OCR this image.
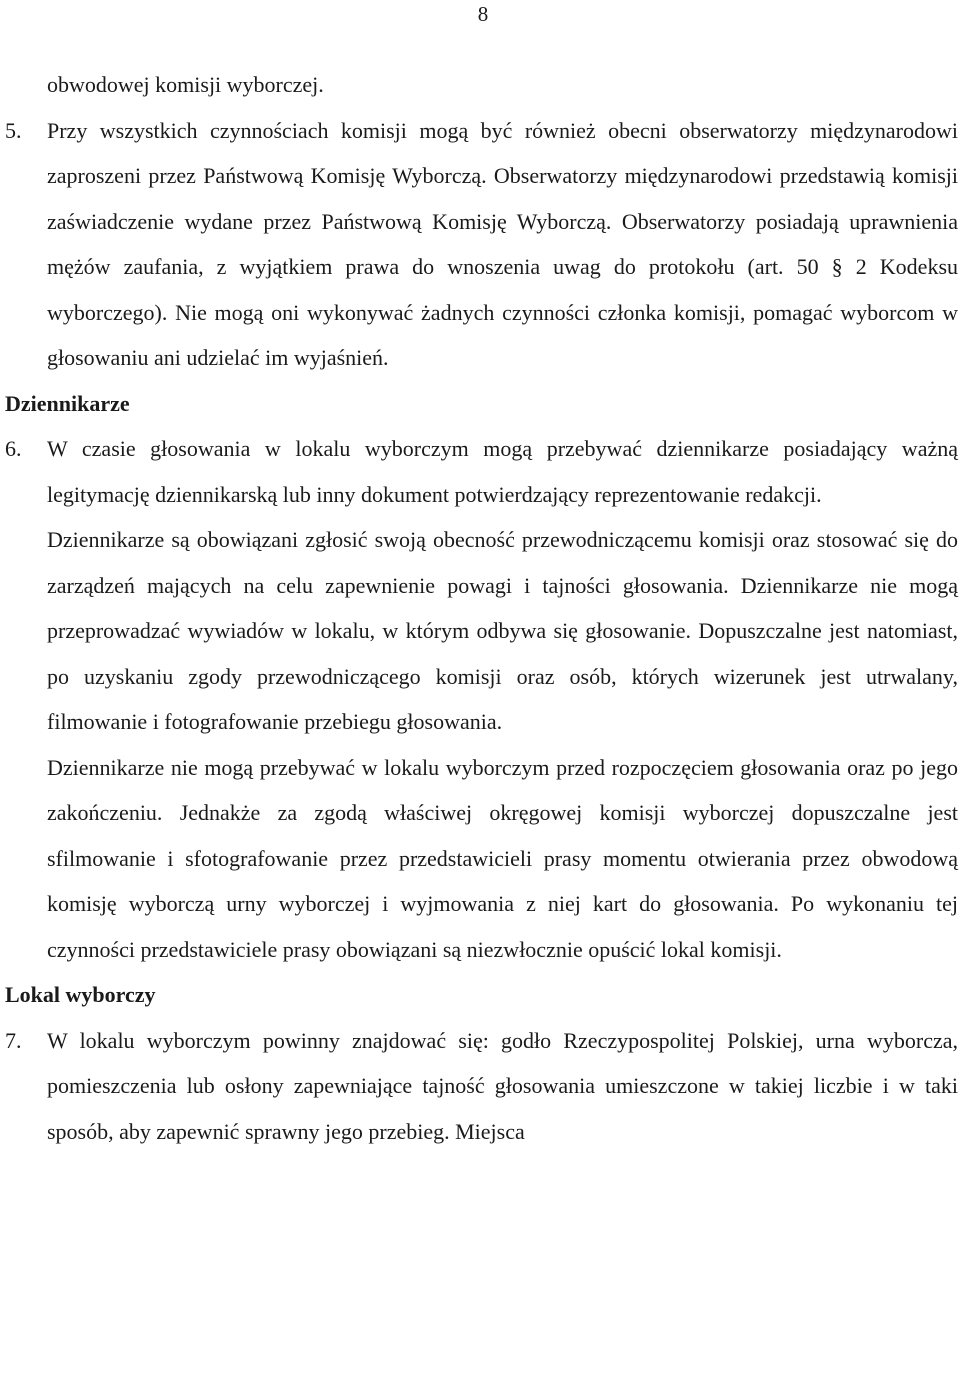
8

obwodowej komisji wyborczej.

5. Przy wszystkich czynnościach komisji mogą być również obecni obserwatorzy międzynarodowi zaproszeni przez Państwową Komisję Wyborczą. Obserwatorzy międzynarodowi przedstawią komisji zaświadczenie wydane przez Państwową Komisję Wyborczą. Obserwatorzy posiadają uprawnienia mężów zaufania, z wyjątkiem prawa do wnoszenia uwag do protokołu (art. 50 § 2 Kodeksu wyborczego). Nie mogą oni wykonywać żadnych czynności członka komisji, pomagać wyborcom w głosowaniu ani udzielać im wyjaśnień.

Dziennikarze

6. W czasie głosowania w lokalu wyborczym mogą przebywać dziennikarze posiadający ważną legitymację dziennikarską lub inny dokument potwierdzający reprezentowanie redakcji.

Dziennikarze są obowiązani zgłosić swoją obecność przewodniczącemu komisji oraz stosować się do zarządzeń mających na celu zapewnienie powagi i tajności głosowania. Dziennikarze nie mogą przeprowadzać wywiadów w lokalu, w którym odbywa się głosowanie. Dopuszczalne jest natomiast, po uzyskaniu zgody przewodniczącego komisji oraz osób, których wizerunek jest utrwalany, filmowanie i fotografowanie przebiegu głosowania.

Dziennikarze nie mogą przebywać w lokalu wyborczym przed rozpoczęciem głosowania oraz po jego zakończeniu. Jednakże za zgodą właściwej okręgowej komisji wyborczej dopuszczalne jest sfilmowanie i sfotografowanie przez przedstawicieli prasy momentu otwierania przez obwodową komisję wyborczą urny wyborczej i wyjmowania z niej kart do głosowania. Po wykonaniu tej czynności przedstawiciele prasy obowiązani są niezwłocznie opuścić lokal komisji.

Lokal wyborczy

7. W lokalu wyborczym powinny znajdować się: godło Rzeczypospolitej Polskiej, urna wyborcza, pomieszczenia lub osłony zapewniające tajność głosowania umieszczone w takiej liczbie i w taki sposób, aby zapewnić sprawny jego przebieg. Miejsca
